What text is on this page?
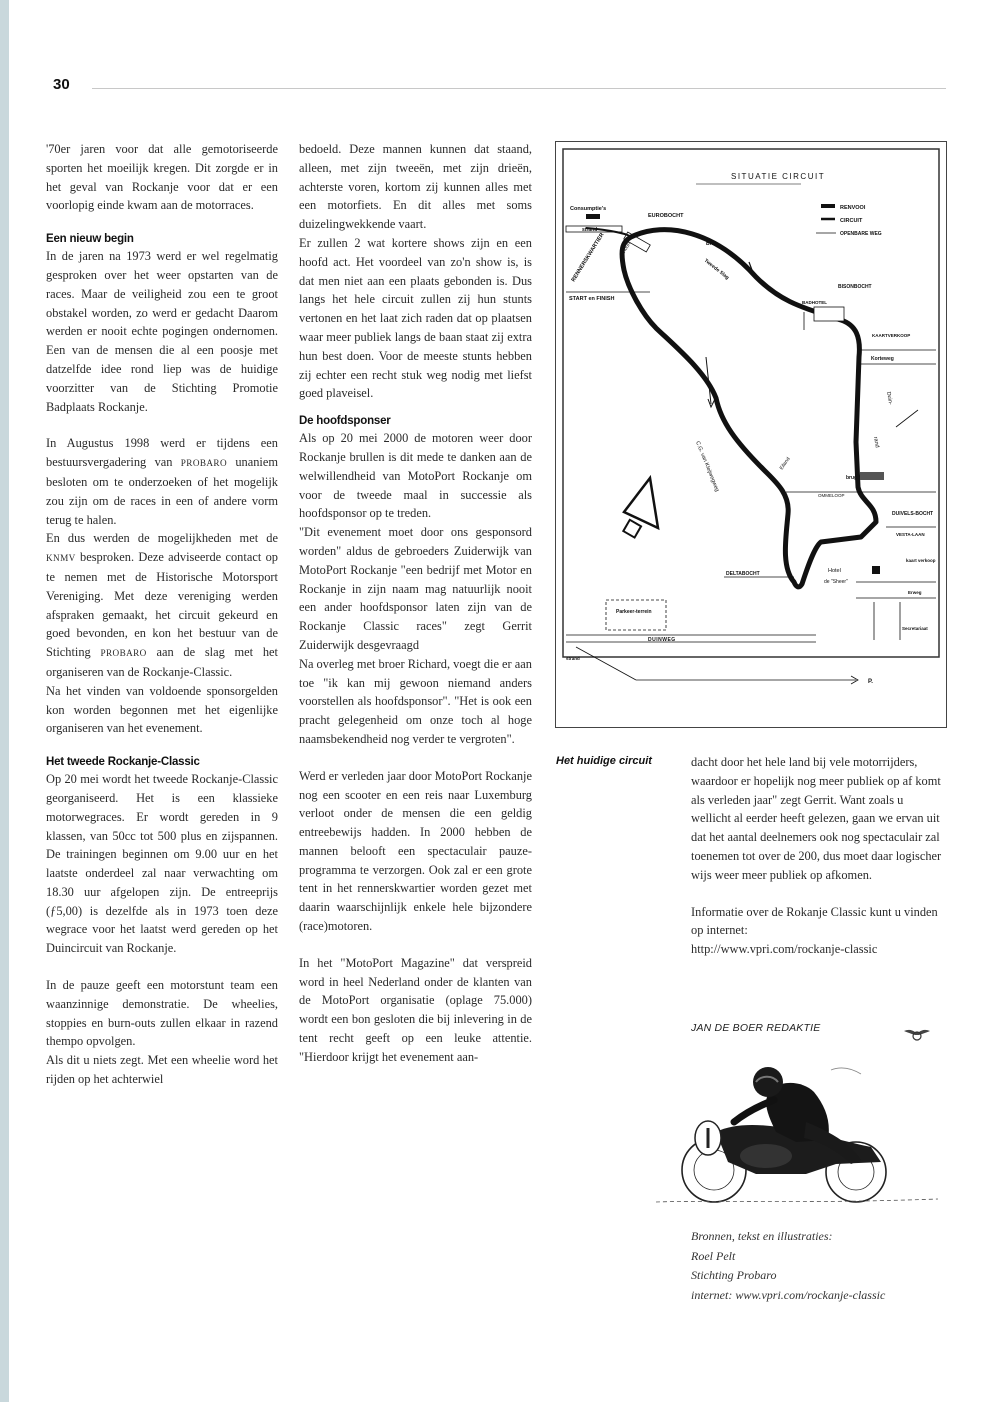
30

'70er jaren voor dat alle gemotoriseerde sporten het moeilijk kregen. Dit zorgde er in het geval van Rockanje voor dat er een voorlopig einde kwam aan de motorraces.

Een nieuw begin

In de jaren na 1973 werd er wel regelmatig gesproken over het weer opstarten van de races. Maar de veiligheid zou een te groot obstakel worden, zo werd er gedacht Daarom werden er nooit echte pogingen ondernomen. Een van de mensen die al een poosje met datzelfde idee rond liep was de huidige voorzitter van de Stichting Promotie Badplaats Rockanje.

In Augustus 1998 werd er tijdens een bestuursvergadering van PROBARO unaniem besloten om te onderzoeken of het mogelijk zou zijn om de races in een of andere vorm terug te halen.

En dus werden de mogelijkheden met de KNMV besproken. Deze adviseerde contact op te nemen met de Historische Motorsport Vereniging. Met deze vereniging werden afspraken gemaakt, het circuit gekeurd en goed bevonden, en kon het bestuur van de Stichting PROBARO aan de slag met het organiseren van de Rockanje-Classic.

Na het vinden van voldoende sponsorgelden kon worden begonnen met het eigenlijke organiseren van het evenement.

Het tweede Rockanje-Classic

Op 20 mei wordt het tweede Rockanje-Classic georganiseerd. Het is een klassieke motorwegraces. Er wordt gereden in 9 klassen, van 50cc tot 500 plus en zijspannen. De trainingen beginnen om 9.00 uur en het laatste onderdeel zal naar verwachting om 18.30 uur afgelopen zijn. De entreeprijs (ƒ5,00) is dezelfde als in 1973 toen deze wegrace voor het laatst werd gereden op het Duincircuit van Rockanje.

In de pauze geeft een motorstunt team een waanzinnige demonstratie. De wheelies, stoppies en burn-outs zullen elkaar in razend thempo opvolgen.

Als dit u niets zegt. Met een wheelie word het rijden op het achterwiel

bedoeld. Deze mannen kunnen dat staand, alleen, met zijn tweeën, met zijn drieën, achterste voren, kortom zij kunnen alles met een motorfiets. En dit alles met soms duizelingwekkende vaart.

Er zullen 2 wat kortere shows zijn en een hoofd act. Het voordeel van zo'n show is, is dat men niet aan een plaats gebonden is. Dus langs het hele circuit zullen zij hun stunts vertonen en het laat zich raden dat op plaatsen waar meer publiek langs de baan staat zij extra hun best doen. Voor de meeste stunts hebben zij echter een recht stuk weg nodig met liefst goed plaveisel.

De hoofdsponser

Als op 20 mei 2000 de motoren weer door Rockanje brullen is dit mede te danken aan de welwillendheid van MotoPort Rockanje om voor de tweede maal in successie als hoofdsponsor op te treden.

"Dit evenement moet door ons gesponsord worden" aldus de gebroeders Zuiderwijk van MotoPort Rockanje "een bedrijf met Motor en Rockanje in zijn naam mag natuurlijk nooit een ander hoofdsponsor laten zijn van de Rockanje Classic races" zegt Gerrit Zuiderwijk desgevraagd

Na overleg met broer Richard, voegt die er aan toe "ik kan mij gewoon niemand anders voorstellen als hoofdsponsor". "Het is ook een pracht gelegenheid om onze toch al hoge naamsbekendheid nog verder te vergroten".

Werd er verleden jaar door MotoPort Rockanje nog een scooter en een reis naar Luxemburg verloot onder de mensen die een geldig entreebewijs hadden. In 2000 hebben de mannen belooft een spectaculair pauze-programma te verzorgen. Ook zal er een grote tent in het rennerskwartier worden gezet met daarin waarschijnlijk enkele hele bijzondere (race)motoren.

In het "MotoPort Magazine" dat verspreid word in heel Nederland onder de klanten van de MotoPort organisatie (oplage 75.000) wordt een bon gesloten die bij inlevering in de tent recht geeft op een leuke attentie. "Hierdoor krijgt het evenement aan-

SITUATIE CIRCUIT
RENVOOI
CIRCUIT
OPENBARE WEG
Consumptie's
strand
EUROBOCHT
RENNERSKWARTIER	tribune	Brug
Tweede Slag
START en FINISH
BISONBOCHT
BADHOTEL
KAARTVERKOOP
Korteweg
Duin-
rand
C.G. van Kleijwegweg	Eiland
brug
OMMELOOP
DUIVELS-BOCHT
VESTA-LAAN
DELTABOCHT	Hotel
de "Sheer"
kaart verkoop
Erweg
Secretariaat
Parkeer-terrein
DUINWEG
strand
P.
Het huidige circuit	dacht door het hele land bij vele motorrijders, waardoor er hopelijk nog meer publiek op af komt als verleden jaar" zegt Gerrit. Want zoals u wellicht al eerder heeft gelezen, gaan we ervan uit dat het aantal deelnemers ook nog spectaculair zal toenemen tot over de 200, dus moet daar logischer wijs weer meer publiek op afkomen.

Informatie over de Rokanje Classic kunt u vinden op internet:
http://www.vpri.com/rockanje-classic

JAN DE BOER REDAKTIE
Bronnen, tekst en illustraties:
Roel Pelt
Stichting Probaro
internet: www.vpri.com/rockanje-classic
